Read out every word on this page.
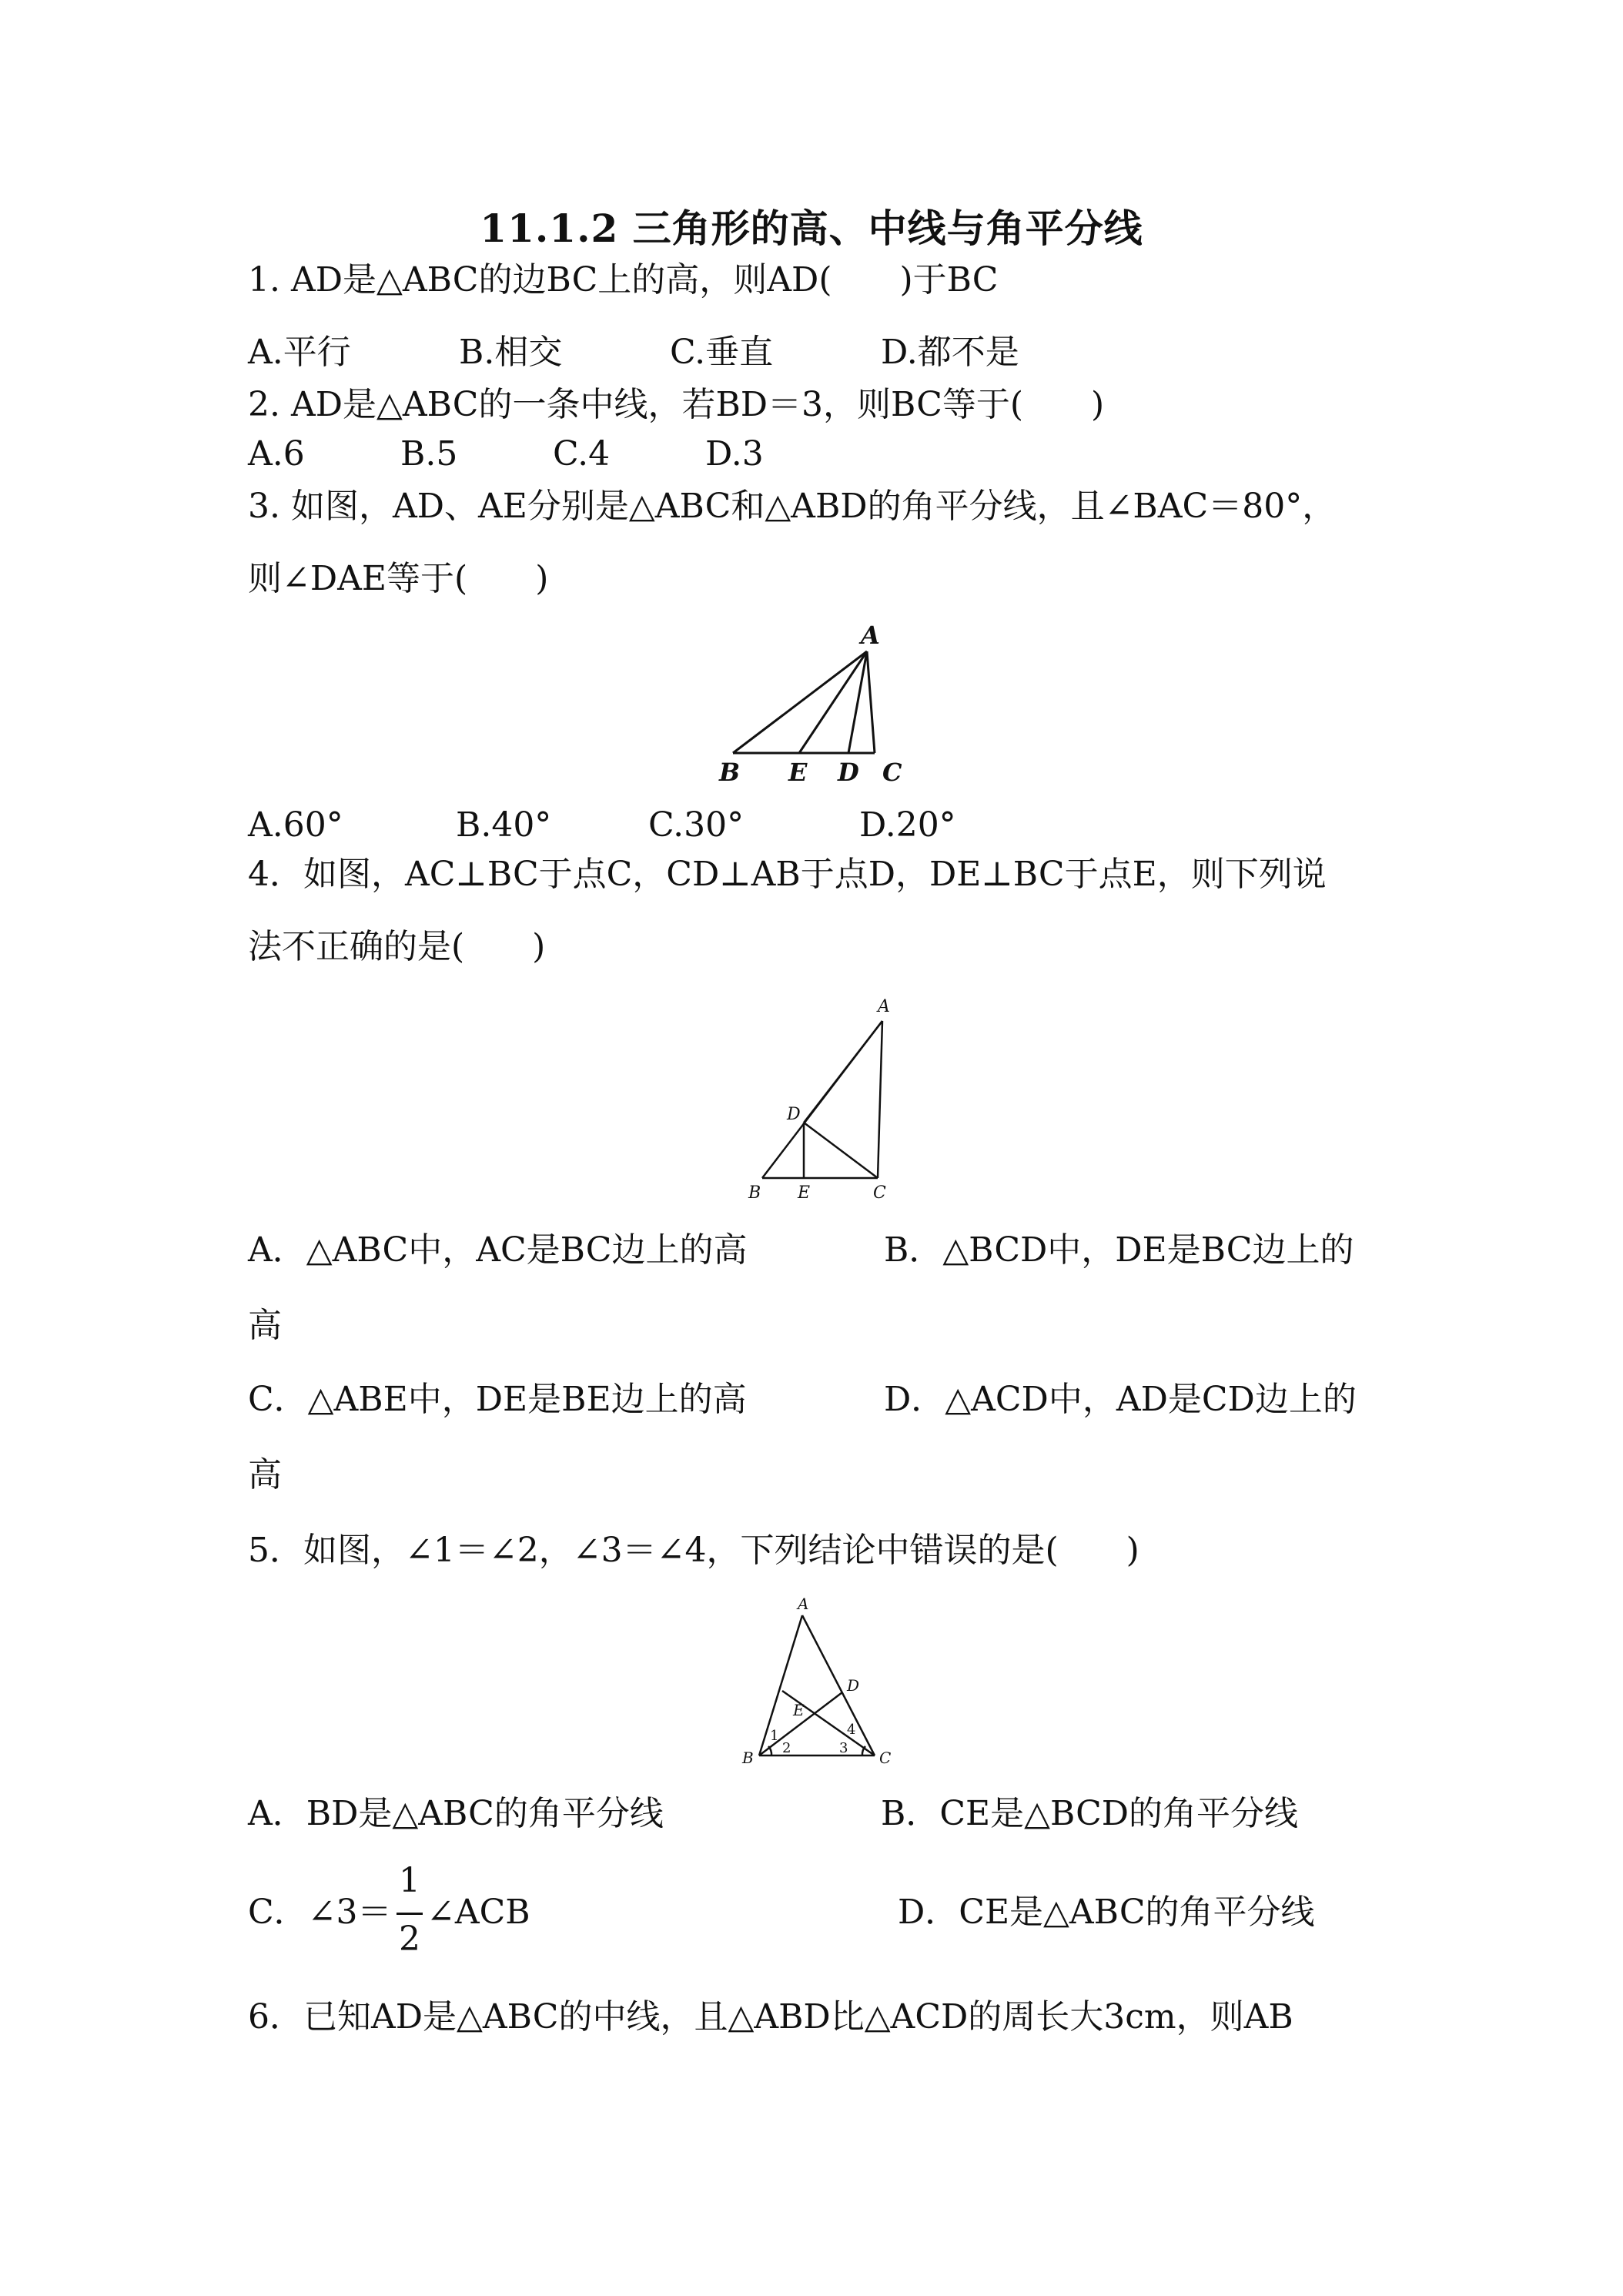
11.1.2 三角形的高、中线与角平分线
1. AD是△ABC的边BC上的高，则AD(　　)于BC
A.平行	B.相交	C.垂直	D.都不是
2. AD是△ABC的一条中线，若BD＝3，则BC等于(　　)
A.6	B.5	C.4	D.3
3. 如图，AD、AE分别是△ABC和△ABD的角平分线，且∠BAC＝80°，
则∠DAE等于(　　)
A
B E D C
A.60°	B.40°	C.30°	D.20°
4．如图，AC⊥BC于点C，CD⊥AB于点D，DE⊥BC于点E，则下列说
法不正确的是(　　)
A
D
B E	C
A．△ABC中，AC是BC边上的高	B．△BCD中，DE是BC边上的
高
C．△ABE中，DE是BE边上的高	D．△ACD中，AD是CD边上的
高
5．如图，∠1＝∠2，∠3＝∠4，下列结论中错误的是(　　)
A
D
E
B	C
1
2	3
4
A．BD是△ABC的角平分线	B．CE是△BCD的角平分线
C．∠3＝
1
2
∠ACB	D．CE是△ABC的角平分线
6．已知AD是△ABC的中线，且△ABD比△ACD的周长大3cm，则AB
